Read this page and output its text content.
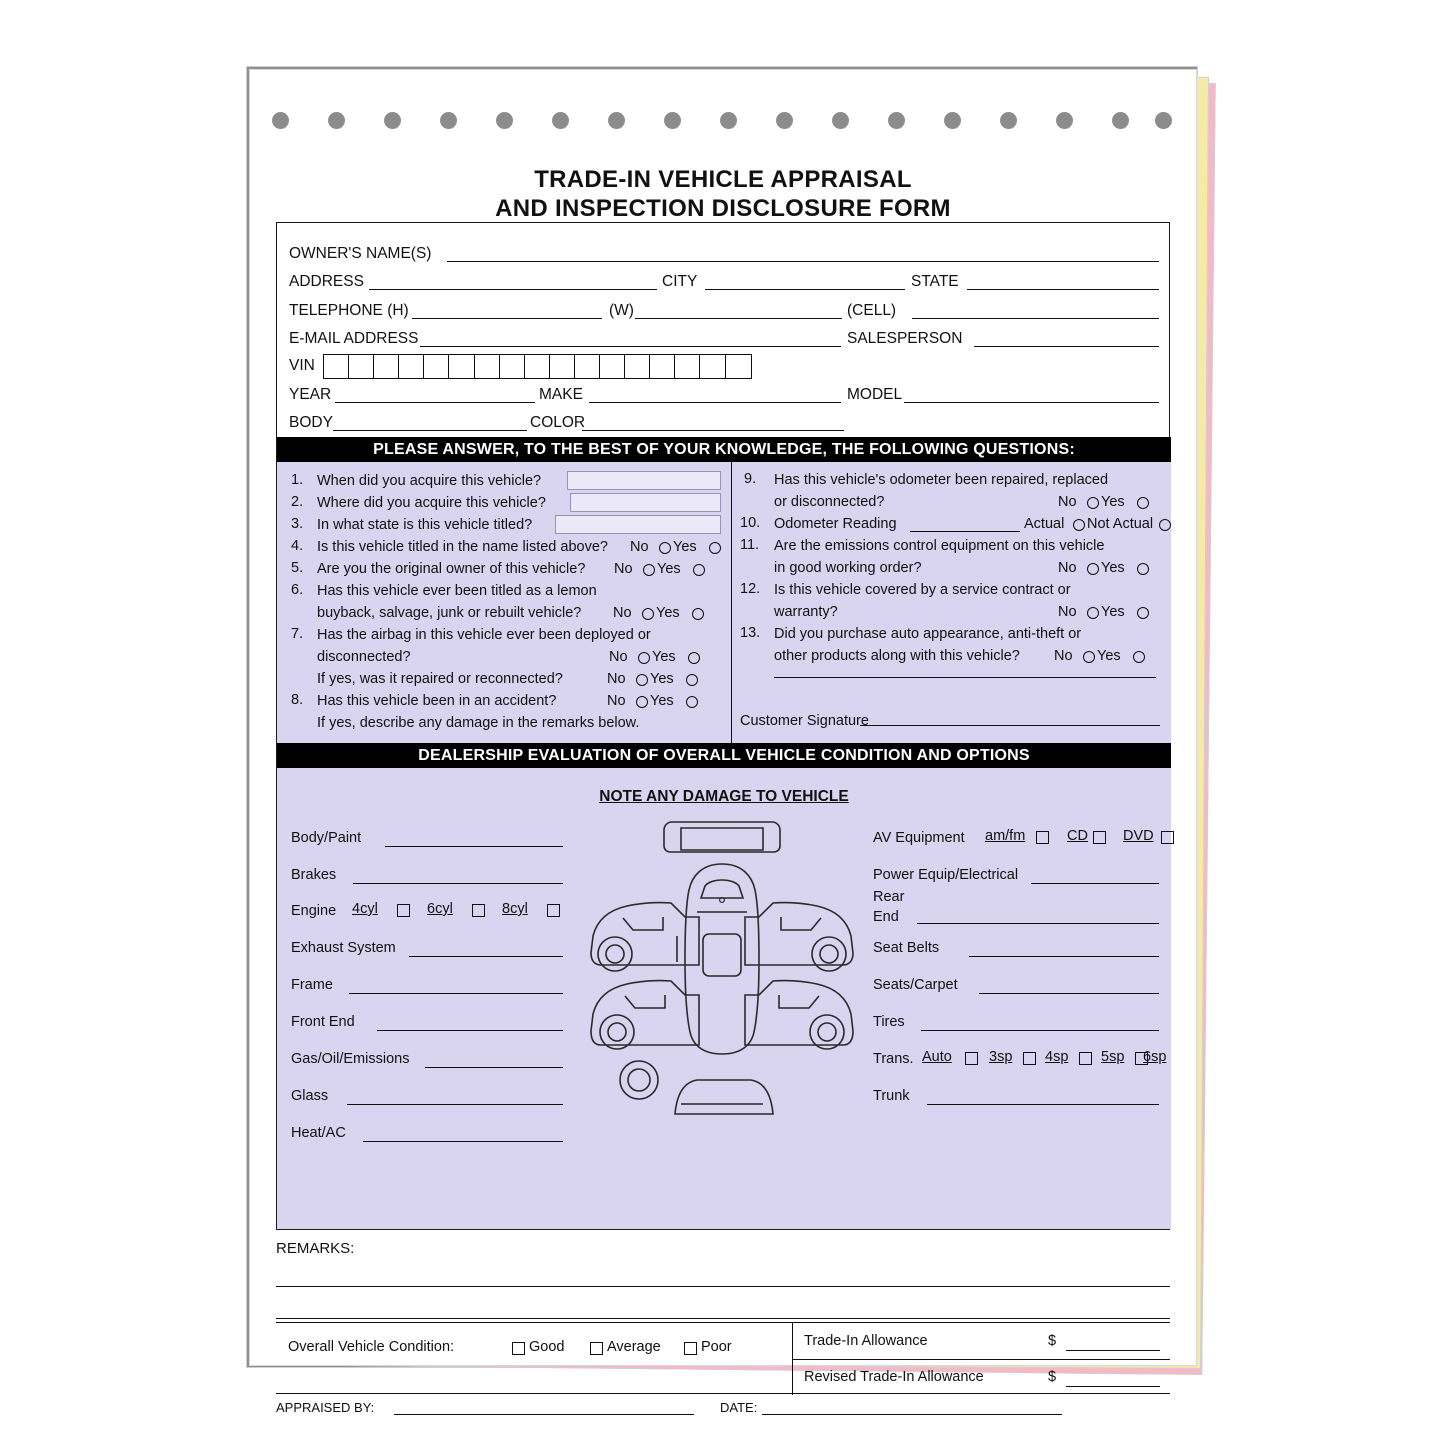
TRADE-IN VEHICLE APPRAISAL
AND INSPECTION DISCLOSURE FORM
OWNER'S NAME(S)
ADDRESS	CITY	STATE
TELEPHONE (H)	(W)	(CELL)
E-MAIL ADDRESS	SALESPERSON
VIN
YEAR	MAKE	MODEL
BODY	COLOR
PLEASE ANSWER, TO THE BEST OF YOUR KNOWLEDGE, THE FOLLOWING QUESTIONS:
1. When did you acquire this vehicle?
2. Where did you acquire this vehicle?
3. In what state is this vehicle titled?
4. Is this vehicle titled in the name listed above? No Yes
5. Are you the original owner of this vehicle? No Yes
6. Has this vehicle ever been titled as a lemon
buyback, salvage, junk or rebuilt vehicle? No Yes
7. Has the airbag in this vehicle ever been deployed or
disconnected?	No Yes
If yes, was it repaired or reconnected?	No Yes
8. Has this vehicle been in an accident?	No Yes
If yes, describe any damage in the remarks below.
9. Has this vehicle's odometer been repaired, replaced
or disconnected?	No Yes
10. Odometer Reading	Actual Not Actual
11. Are the emissions control equipment on this vehicle
in good working order?	No Yes
12. Is this vehicle covered by a service contract or
warranty?	No Yes
13. Did you purchase auto appearance, anti-theft or
other products along with this vehicle? No Yes
Customer Signature
DEALERSHIP EVALUATION OF OVERALL VEHICLE CONDITION AND OPTIONS
NOTE ANY DAMAGE TO VEHICLE
Body/Paint
Brakes
Engine 4cyl	6cyl	8cyl
Exhaust System
Frame
Front End
Gas/Oil/Emissions
Glass
Heat/AC
AV Equipment am/fm	CD DVD
Power Equip/Electrical
Rear
End
Seat Belts
Seats/Carpet
Tires
Trans. Auto	3sp 4sp 5sp 6sp
Trunk
REMARKS:
Overall Vehicle Condition:	Good	Average	Poor	Trade-In Allowance	$
Revised Trade-In Allowance	$
APPRAISED BY:	DATE:
